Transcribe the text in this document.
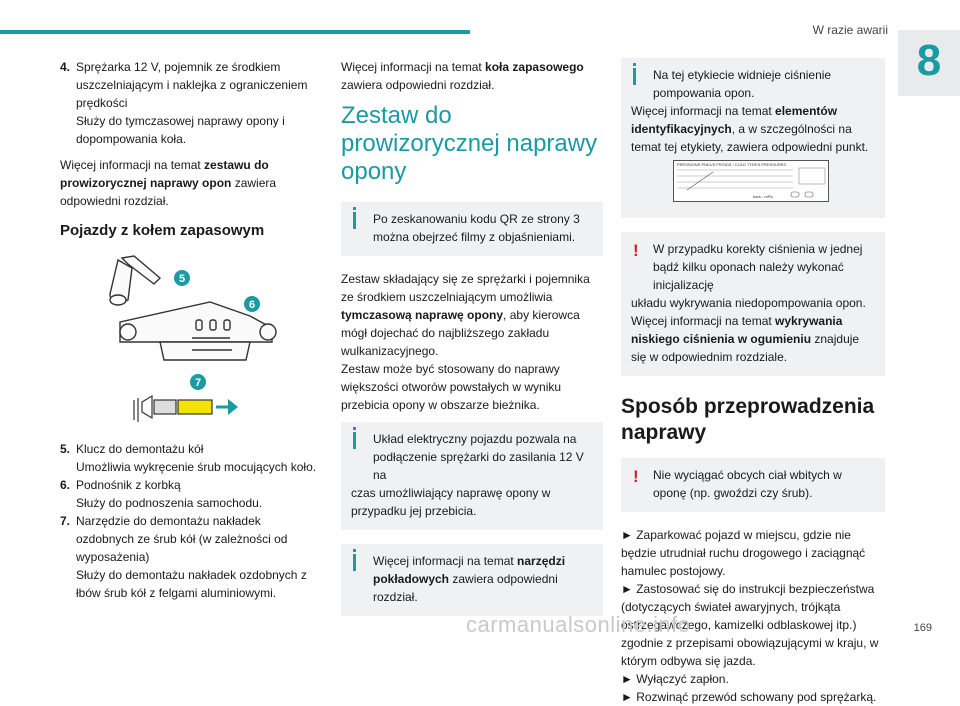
W razie awarii
8
4. Sprężarka 12 V, pojemnik ze środkiem uszczelniającym i naklejka z ograniczeniem prędkości
Służy do tymczasowej naprawy opony i dopompowania koła.

Więcej informacji na temat zestawu do prowizorycznej naprawy opon zawiera odpowiedni rozdział.

Pojazdy z kołem zapasowym
5
6
7
5. Klucz do demontażu kół
Umożliwia wykręcenie śrub mocujących koło.
6. Podnośnik z korbką
Służy do podnoszenia samochodu.
7. Narzędzie do demontażu nakładek ozdobnych ze śrub kół (w zależności od wyposażenia)
Służy do demontażu nakładek ozdobnych z łbów śrub kół z felgami aluminiowymi.

Więcej informacji na temat koła zapasowego zawiera odpowiedni rozdział.

Zestaw do prowizorycznej naprawy opony
Po zeskanowaniu kodu QR ze strony 3 można obejrzeć filmy z objaśnieniami.

Zestaw składający się ze sprężarki i pojemnika ze środkiem uszczelniającym umożliwia tymczasową naprawę opony, aby kierowca mógł dojechać do najbliższego zakładu wulkanizacyjnego.
Zestaw może być stosowany do naprawy większości otworów powstałych w wyniku przebicia opony w obszarze bieżnika.

Układ elektryczny pojazdu pozwala na podłączenie sprężarki do zasilania 12 V na
czas umożliwiający naprawę opony w przypadku jej przebicia.
Więcej informacji na temat narzędzi pokładowych zawiera odpowiedni rozdział.
Na tej etykiecie widnieje ciśnienie pompowania opon.
Więcej informacji na temat elementów identyfikacyjnych, a w szczególności na temat tej etykiety, zawiera odpowiedni punkt.
PRESSIONS PNEUS FROIDS / COLD TYRES PRESSURES
bars - mPa
!	W przypadku korekty ciśnienia w jednej bądź kilku oponach należy wykonać inicjalizację
układu wykrywania niedopompowania opon.
Więcej informacji na temat wykrywania niskiego ciśnienia w ogumieniu znajduje się w odpowiednim rozdziale.
Sposób przeprowadzenia naprawy
!	Nie wyciągać obcych ciał wbitych w oponę (np. gwoździ czy śrub).
► Zaparkować pojazd w miejscu, gdzie nie będzie utrudniał ruchu drogowego i zaciągnąć hamulec postojowy.
► Zastosować się do instrukcji bezpieczeństwa (dotyczących świateł awaryjnych, trójkąta ostrzegawczego, kamizelki odblaskowej itp.) zgodnie z przepisami obowiązującymi w kraju, w którym odbywa się jazda.
► Wyłączyć zapłon.
► Rozwinąć przewód schowany pod sprężarką.
carmanualsonline.info	169
